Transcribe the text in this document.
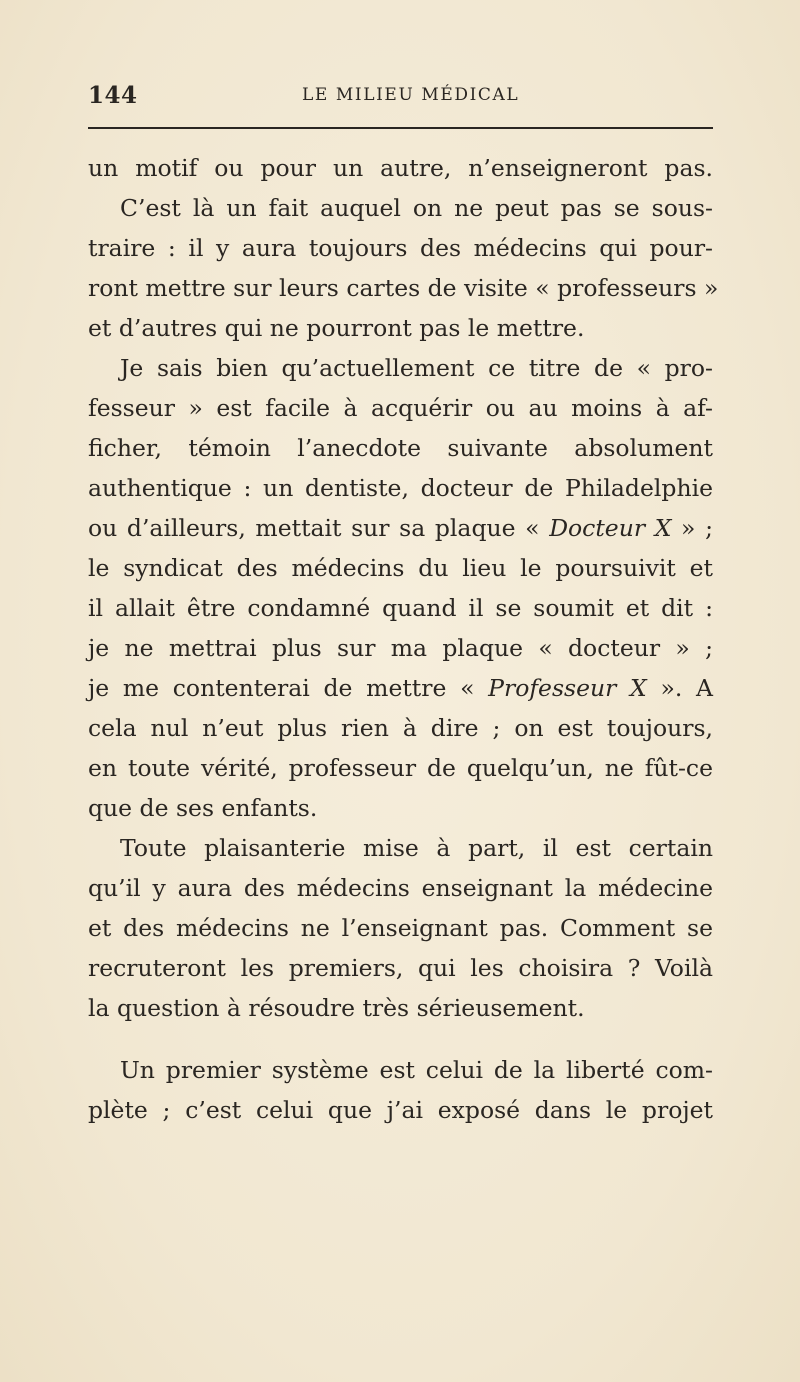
144	LE MILIEU MÉDICAL
un motif ou pour un autre, n’enseigneront pas.
C’est là un fait auquel on ne peut pas se sous-
traire : il y aura toujours des médecins qui pour-
ront mettre sur leurs cartes de visite « professeurs »
et d’autres qui ne pourront pas le mettre.
Je sais bien qu’actuellement ce titre de « pro-
fesseur » est facile à acquérir ou au moins à af-
ficher, témoin l’anecdote suivante absolument
authentique : un dentiste, docteur de Philadelphie
ou d’ailleurs, mettait sur sa plaque « Docteur X » ;
le syndicat des médecins du lieu le poursuivit et
il allait être condamné quand il se soumit et dit :
je ne mettrai plus sur ma plaque « docteur » ;
je me contenterai de mettre « Professeur X ». A
cela nul n’eut plus rien à dire ; on est toujours,
en toute vérité, professeur de quelqu’un, ne fût-ce
que de ses enfants.
Toute plaisanterie mise à part, il est certain
qu’il y aura des médecins enseignant la médecine
et des médecins ne l’enseignant pas. Comment se
recruteront les premiers, qui les choisira ? Voilà
la question à résoudre très sérieusement.
Un premier système est celui de la liberté com-
plète ; c’est celui que j’ai exposé dans le projet
